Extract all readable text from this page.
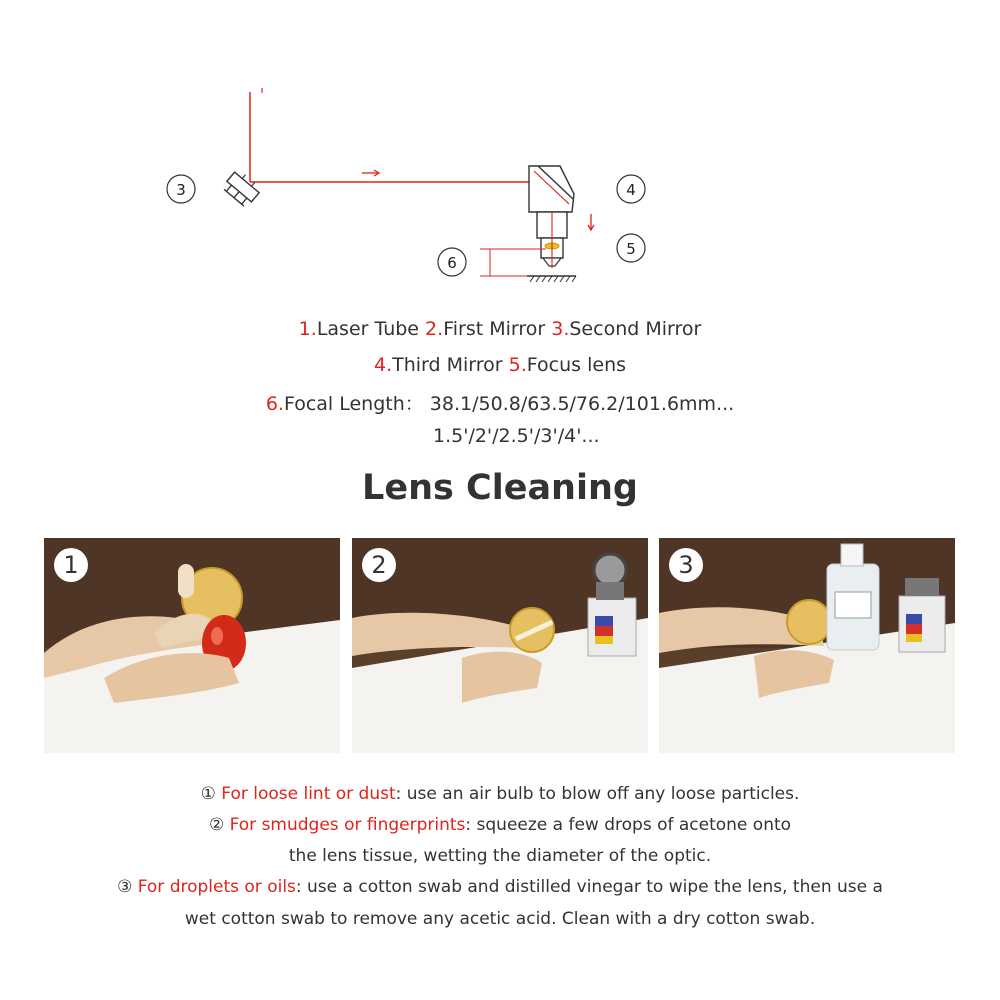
3	4
5
6
1.Laser Tube 2.First Mirror 3.Second Mirror
4.Third Mirror 5.Focus lens
6.Focal Length： 38.1/50.8/63.5/76.2/101.6mm...
1.5'/2'/2.5'/3'/4'...
Lens Cleaning
1	2	3
① For loose lint or dust: use an air bulb to blow off any loose particles.
② For smudges or fingerprints: squeeze a few drops of acetone onto
the lens tissue, wetting the diameter of the optic.
③ For droplets or oils: use a cotton swab and distilled vinegar to wipe the lens, then use a
wet cotton swab to remove any acetic acid. Clean with a dry cotton swab.
